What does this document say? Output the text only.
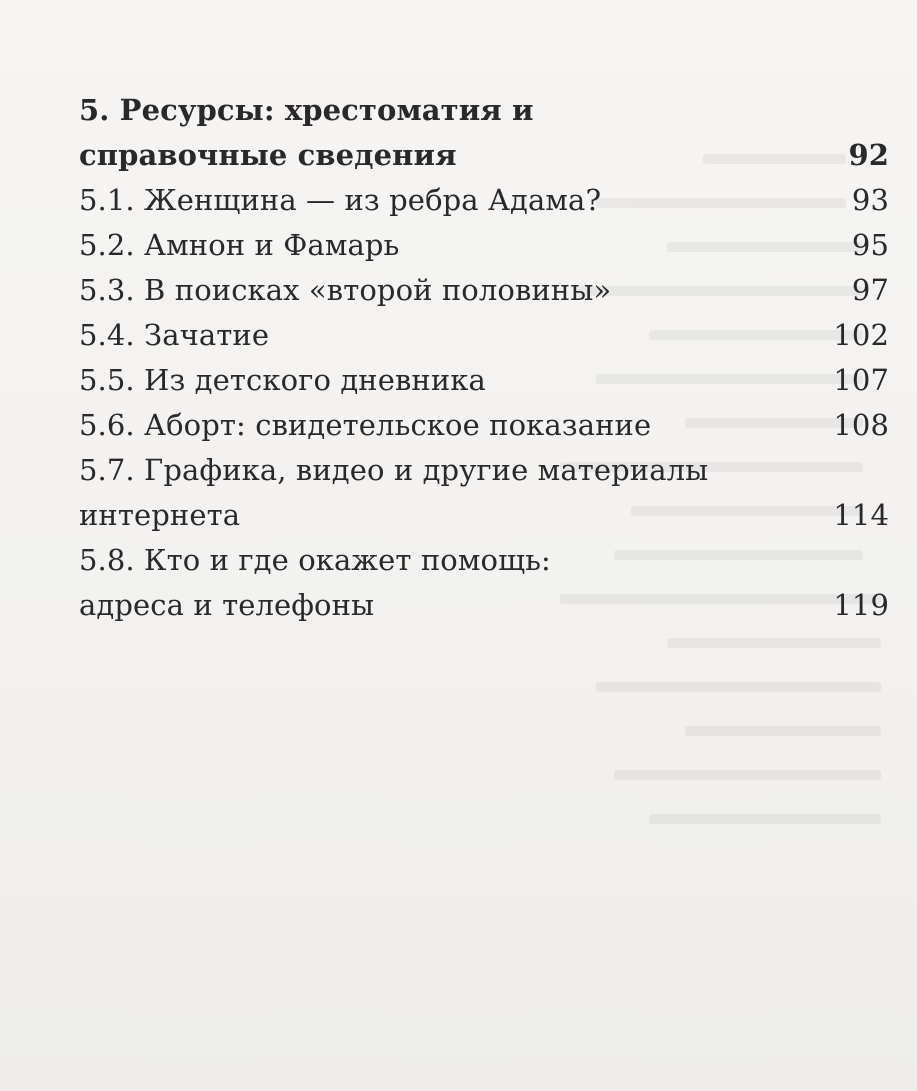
5. Ресурсы: хрестоматия и справочные сведения	92
5.1. Женщина — из ребра Адама?	93
5.2. Амнон и Фамарь	95
5.3. В поисках «второй половины»	97
5.4. Зачатие	102
5.5. Из детского дневника	107
5.6. Аборт: свидетельское показание	108
5.7. Графика, видео и другие материалы интернета	114
5.8. Кто и где окажет помощь: адреса и телефоны	119
